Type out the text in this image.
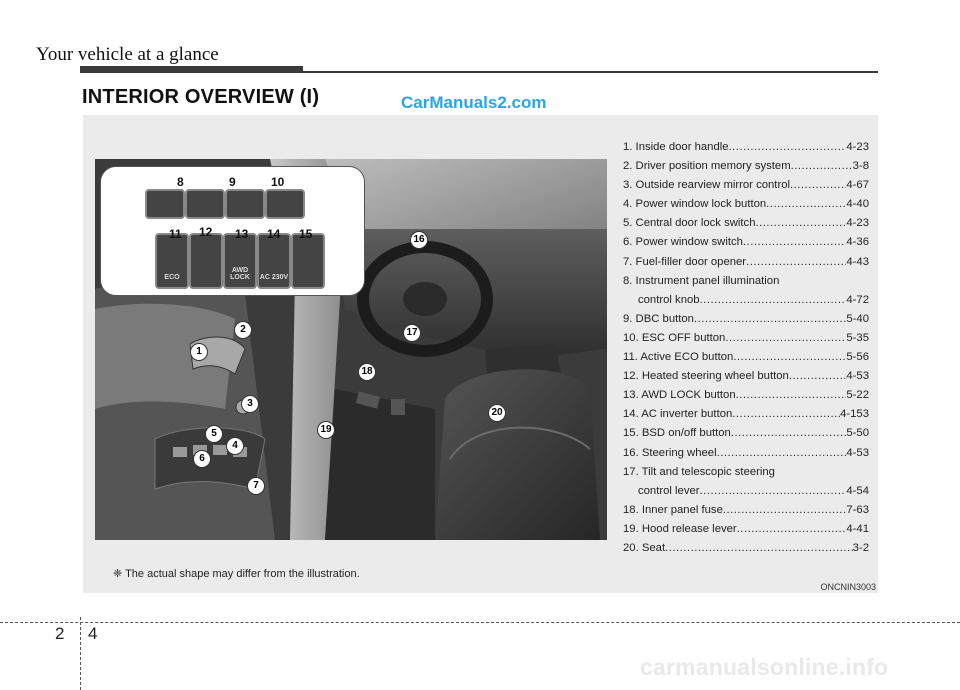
Your vehicle at a glance
INTERIOR OVERVIEW (I)	CarManuals2.com
ECO
AWD LOCK	AC 230V
8	9	10
11 12 13 14 15
1
2
3
4
5
6
7
16
17
18
19
20
1. Inside door handle .....	4-23
2. Driver position memory system .....	3-8
3. Outside rearview mirror control .....	4-67
4. Power window lock button .....	4-40
5. Central door lock switch .....	4-23
6. Power window switch .....	4-36
7. Fuel-filler door opener .....	4-43
8. Instrument panel illumination
control knob .....	4-72
9. DBC button .....	5-40
10. ESC OFF button .....	5-35
11. Active ECO button .....	5-56
12. Heated steering wheel button .....	4-53
13. AWD LOCK button .....	5-22
14. AC inverter button .....	4-153
15. BSD on/off button .....	5-50
16. Steering wheel .....	4-53
17. Tilt and telescopic steering
control lever .....	4-54
18. Inner panel fuse .....	7-63
19. Hood release lever .....	4-41
20. Seat .....	3-2
❈ The actual shape may differ from the illustration.
ONCNIN3003
2 4
carmanualsonline.info
